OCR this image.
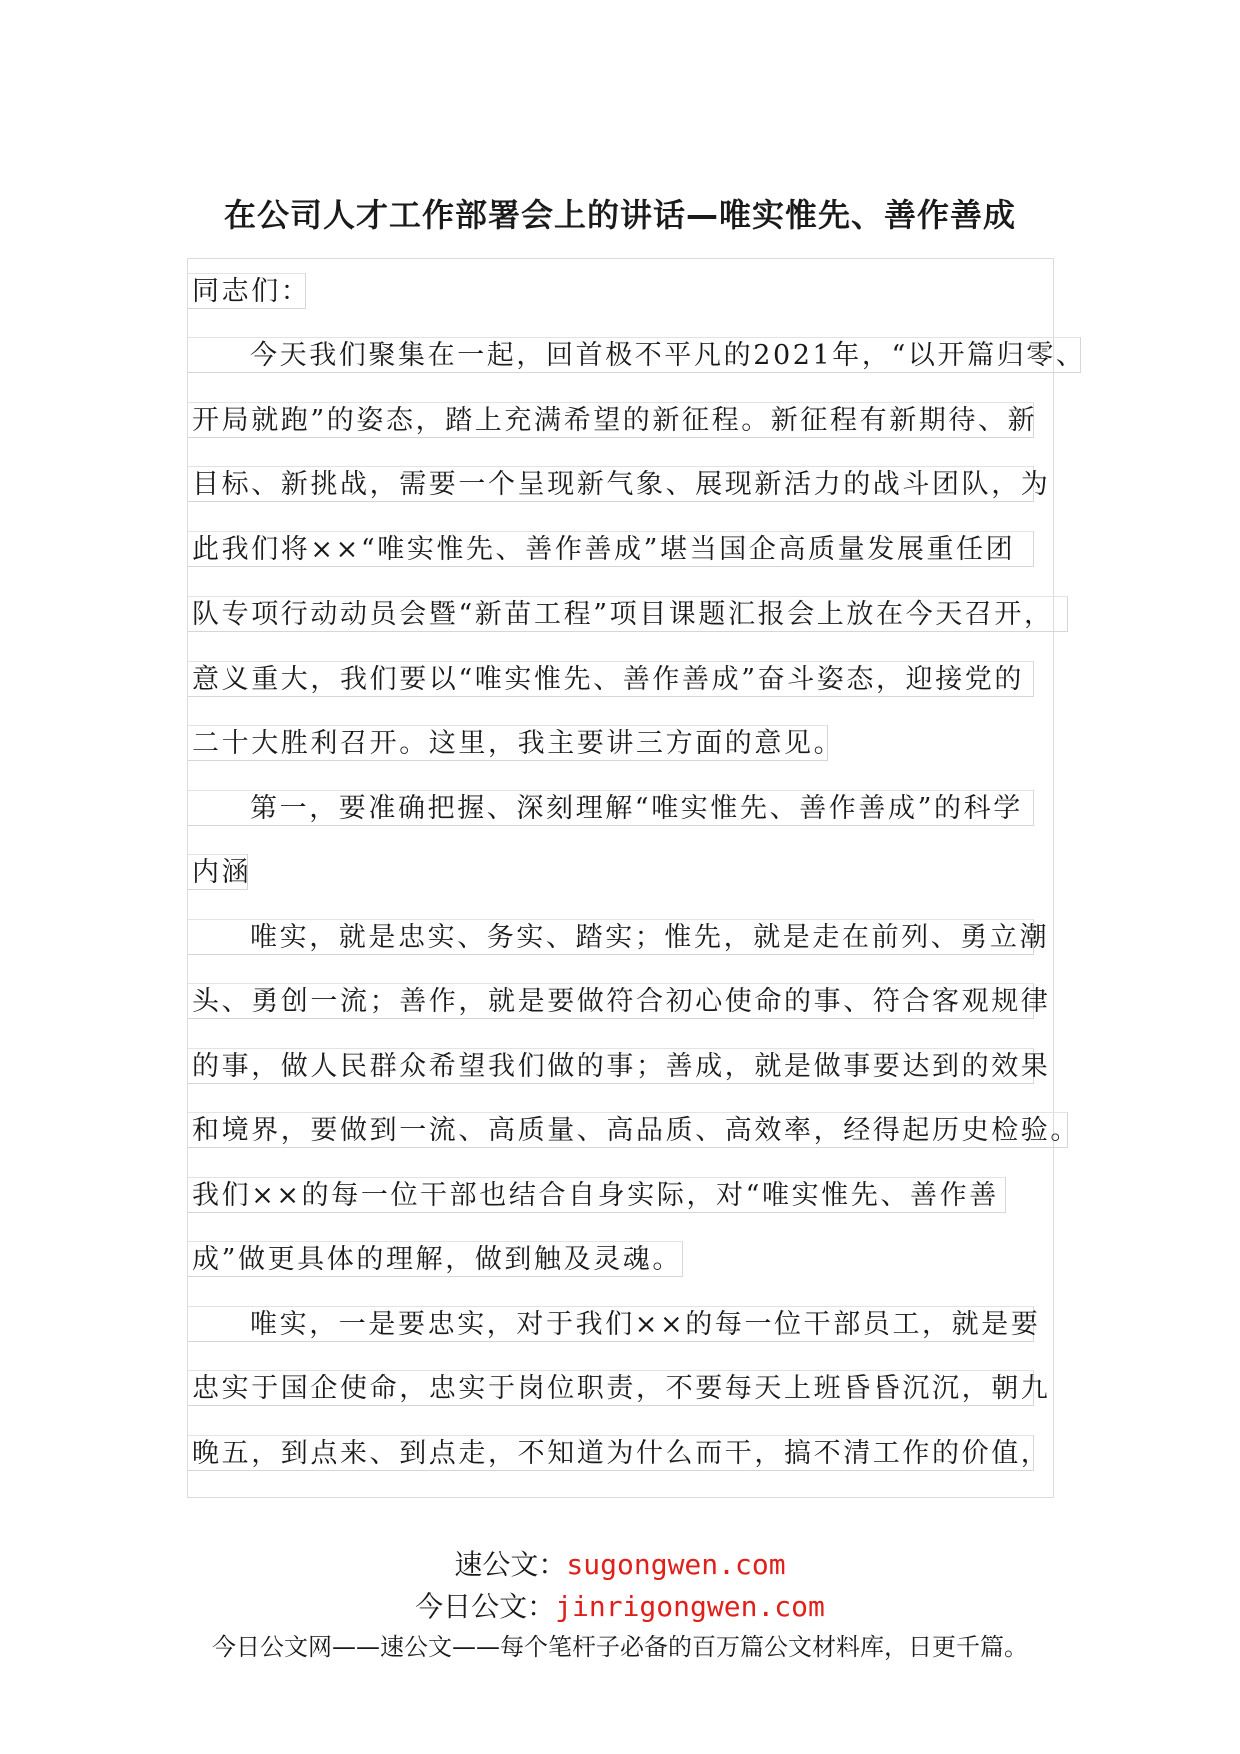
在公司人才工作部署会上的讲话—唯实惟先、善作善成
同志们：
今天我们聚集在一起，回首极不平凡的2021年，“以开篇归零、
开局就跑”的姿态，踏上充满希望的新征程。新征程有新期待、新
目标、新挑战，需要一个呈现新气象、展现新活力的战斗团队，为
此我们将××“唯实惟先、善作善成”堪当国企高质量发展重任团
队专项行动动员会暨“新苗工程”项目课题汇报会上放在今天召开，
意义重大，我们要以“唯实惟先、善作善成”奋斗姿态，迎接党的
二十大胜利召开。这里，我主要讲三方面的意见。
第一，要准确把握、深刻理解“唯实惟先、善作善成”的科学
内涵
唯实，就是忠实、务实、踏实；惟先，就是走在前列、勇立潮
头、勇创一流；善作，就是要做符合初心使命的事、符合客观规律
的事，做人民群众希望我们做的事；善成，就是做事要达到的效果
和境界，要做到一流、高质量、高品质、高效率，经得起历史检验。
我们××的每一位干部也结合自身实际，对“唯实惟先、善作善
成”做更具体的理解，做到触及灵魂。
唯实，一是要忠实，对于我们××的每一位干部员工，就是要
忠实于国企使命，忠实于岗位职责，不要每天上班昏昏沉沉，朝九
晚五，到点来、到点走，不知道为什么而干，搞不清工作的价值，
速公文：sugongwen.com
今日公文：jinrigongwen.com
今日公文网——速公文——每个笔杆子必备的百万篇公文材料库，日更千篇。
